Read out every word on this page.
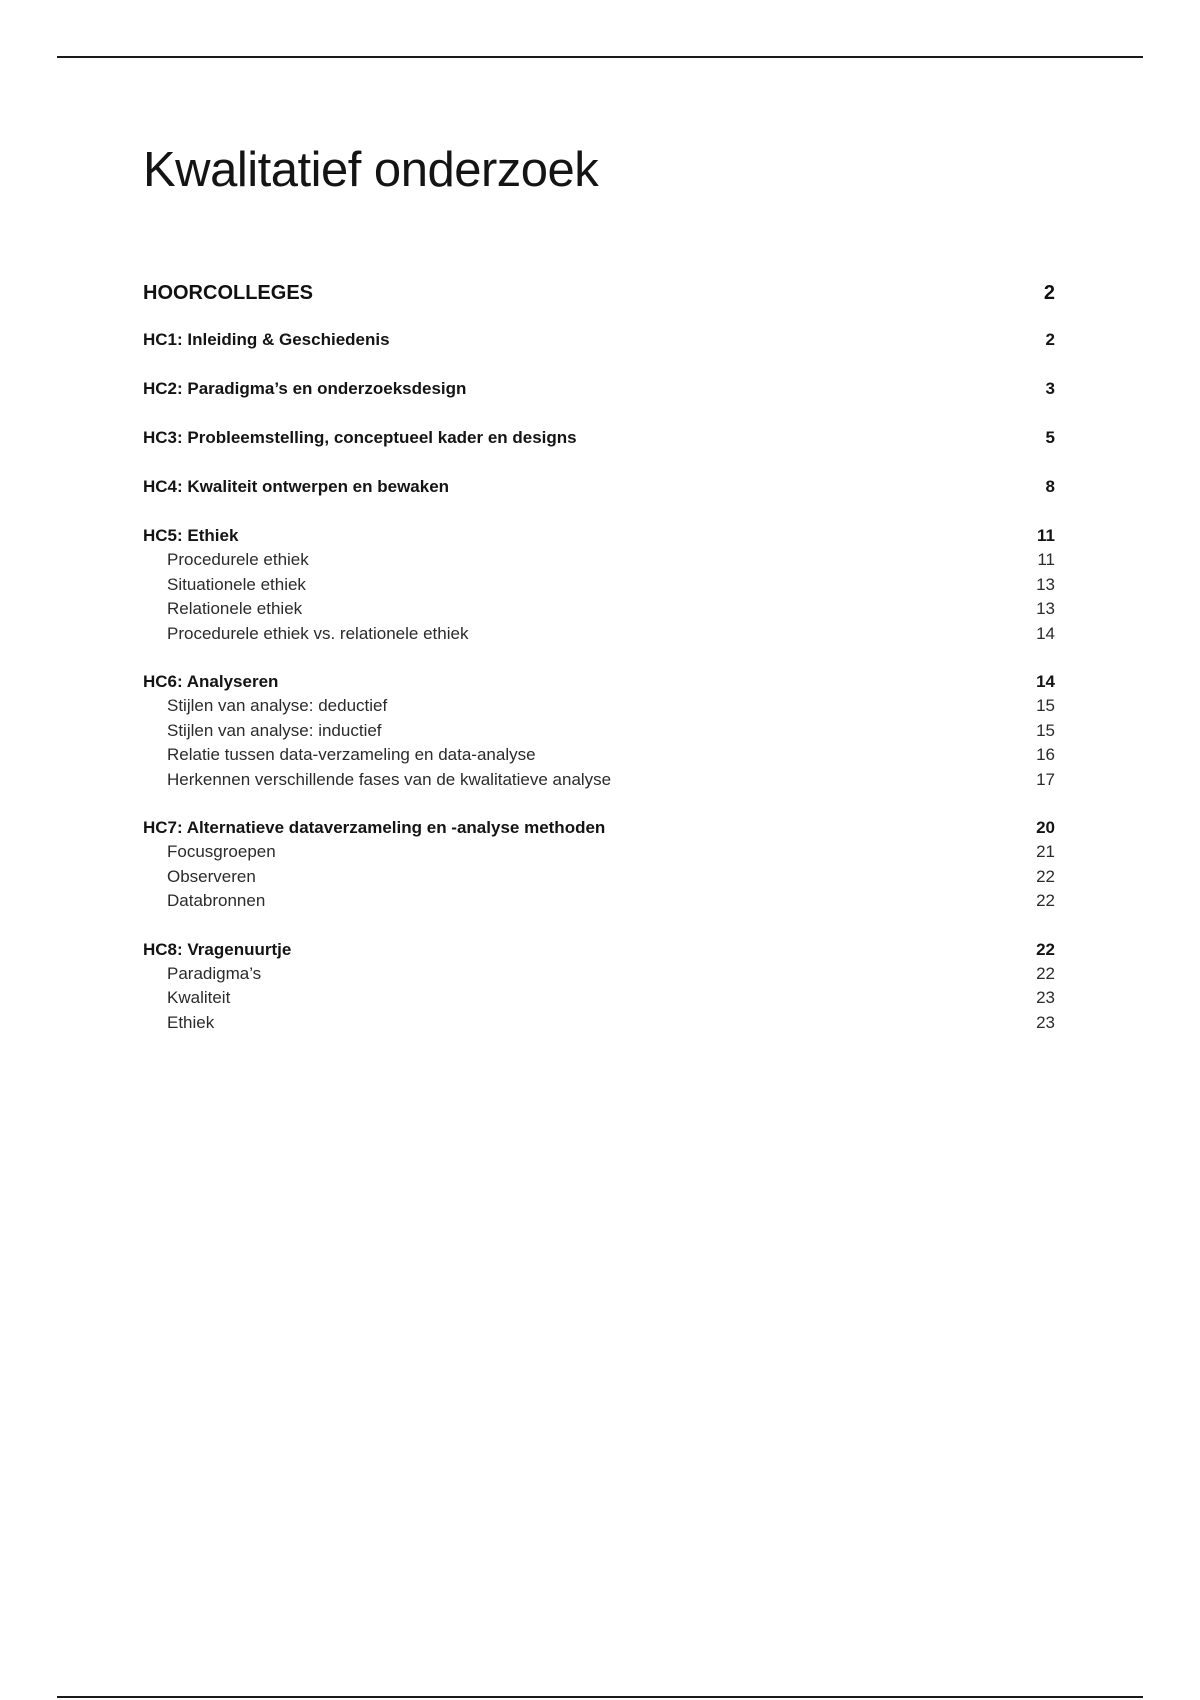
Kwalitatief onderzoek
HOORCOLLEGES	2
HC1: Inleiding & Geschiedenis	2
HC2: Paradigma’s en onderzoeksdesign	3
HC3: Probleemstelling, conceptueel kader en designs	5
HC4: Kwaliteit ontwerpen en bewaken	8
HC5: Ethiek	11
Procedurele ethiek	11
Situationele ethiek	13
Relationele ethiek	13
Procedurele ethiek vs. relationele ethiek	14
HC6: Analyseren	14
Stijlen van analyse: deductief	15
Stijlen van analyse: inductief	15
Relatie tussen data-verzameling en data-analyse	16
Herkennen verschillende fases van de kwalitatieve analyse	17
HC7: Alternatieve dataverzameling en -analyse methoden	20
Focusgroepen	21
Observeren	22
Databronnen	22
HC8: Vragenuurtje	22
Paradigma’s	22
Kwaliteit	23
Ethiek	23
